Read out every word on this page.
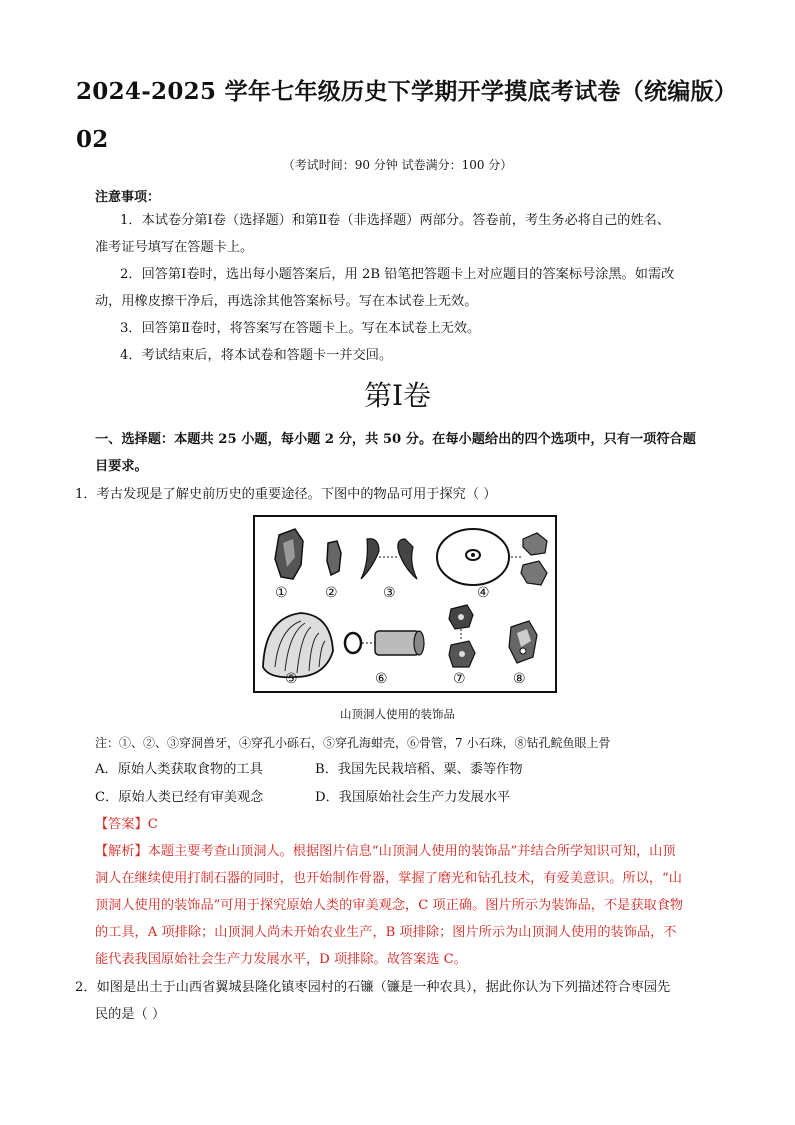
2024-2025 学年七年级历史下学期开学摸底考试卷（统编版）02
（考试时间：90 分钟 试卷满分：100 分）
注意事项：
1．本试卷分第Ⅰ卷（选择题）和第Ⅱ卷（非选择题）两部分。答卷前，考生务必将自己的姓名、
准考证号填写在答题卡上。
2．回答第Ⅰ卷时，选出每小题答案后，用 2B 铅笔把答题卡上对应题目的答案标号涂黑。如需改
动，用橡皮擦干净后，再选涂其他答案标号。写在本试卷上无效。
3．回答第Ⅱ卷时，将答案写在答题卡上。写在本试卷上无效。
4．考试结束后，将本试卷和答题卡一并交回。
第Ⅰ卷
一、选择题：本题共 25 小题，每小题 2 分，共 50 分。在每小题给出的四个选项中，只有一项符合题
目要求。
1．考古发现是了解史前历史的重要途径。下图中的物品可用于探究（ ）
①	②	③	④
⑤	⑥	⑦	⑧
山顶洞人使用的装饰品
注：①、②、③穿洞兽牙，④穿孔小砾石，⑤穿孔海蚶壳，⑥骨管，7 小石珠，⑧钻孔鲩鱼眼上骨
A．原始人类获取食物的工具	B．我国先民栽培稻、粟、黍等作物
C．原始人类已经有审美观念	D．我国原始社会生产力发展水平
【答案】C
【解析】本题主要考查山顶洞人。根据图片信息“山顶洞人使用的装饰品”并结合所学知识可知，山顶
洞人在继续使用打制石器的同时，也开始制作骨器，掌握了磨光和钻孔技术，有爱美意识。所以，“山
顶洞人使用的装饰品”可用于探究原始人类的审美观念，C 项正确。图片所示为装饰品，不是获取食物
的工具，A 项排除；山顶洞人尚未开始农业生产，B 项排除；图片所示为山顶洞人使用的装饰品，不
能代表我国原始社会生产力发展水平，D 项排除。故答案选 C。
2．如图是出土于山西省翼城县隆化镇枣园村的石镰（镰是一种农具），据此你认为下列描述符合枣园先
民的是（ ）
